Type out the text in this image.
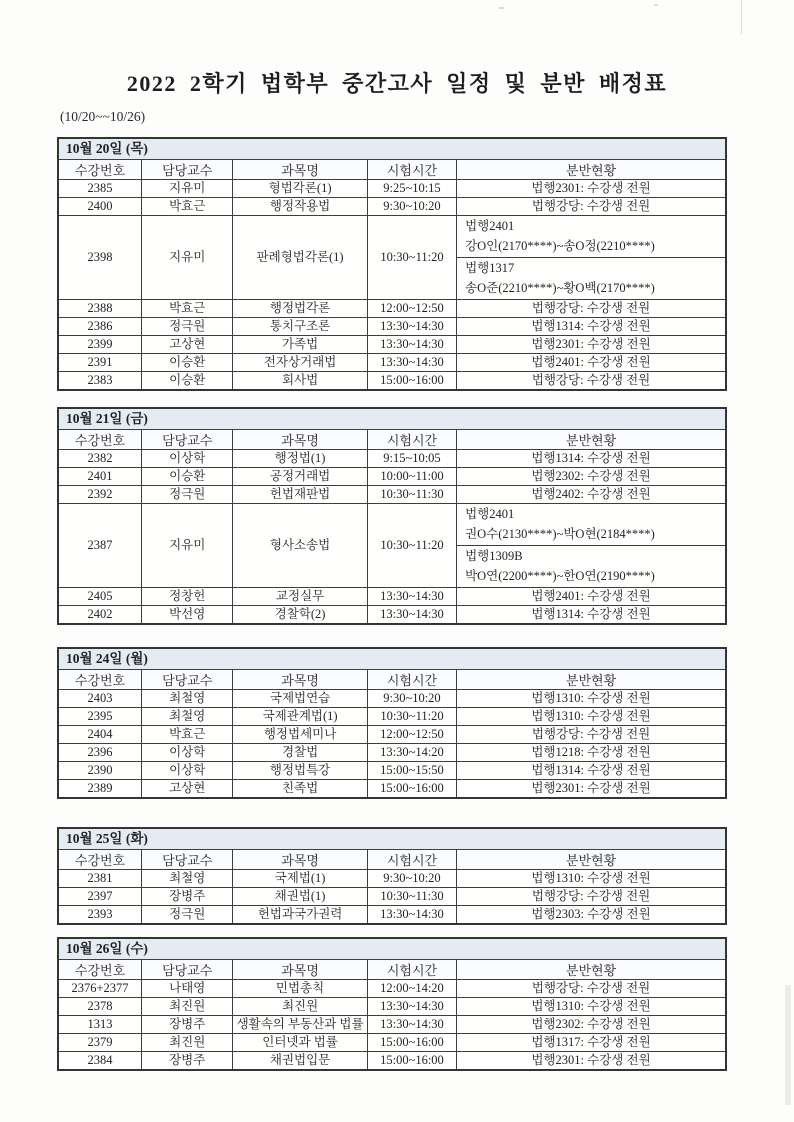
2022 2학기 법학부 중간고사 일정 및 분반 배정표
(10/20~~10/26)
10월 20일 (목)
수강번호	담당교수	과목명	시험시간	분반현황
2385	지유미	형법각론(1)	9:25~10:15	법행2301: 수강생 전원
2400	박효근	행정작용법	9:30~10:20	법행강당: 수강생 전원
2398	지유미	판례형법각론(1)	10:30~11:20	법행2401
강O인(2170****)~송O정(2210****)
법행1317
송O준(2210****)~황O백(2170****)

2388	박효근	행정법각론	12:00~12:50	법행강당: 수강생 전원
2386	정극원	통치구조론	13:30~14:30	법행1314: 수강생 전원
2399	고상현	가족법	13:30~14:30	법행2301: 수강생 전원
2391	이승환	전자상거래법	13:30~14:30	법행2401: 수강생 전원
2383	이승환	회사법	15:00~16:00	법행강당: 수강생 전원
10월 21일 (금)
수강번호	담당교수	과목명	시험시간	분반현황
2382	이상학	행정법(1)	9:15~10:05	법행1314: 수강생 전원
2401	이승환	공정거래법	10:00~11:00	법행2302: 수강생 전원
2392	정극원	헌법재판법	10:30~11:30	법행2402: 수강생 전원
2387	지유미	형사소송법	10:30~11:20	법행2401
권O수(2130****)~박O현(2184****)
법행1309B
박O연(2200****)~한O연(2190****)

2405	정창헌	교정실무	13:30~14:30	법행2401: 수강생 전원
2402	박선영	경찰학(2)	13:30~14:30	법행1314: 수강생 전원
10월 24일 (월)
수강번호	담당교수	과목명	시험시간	분반현황
2403	최철영	국제법연습	9:30~10:20	법행1310: 수강생 전원
2395	최철영	국제관계법(1)	10:30~11:20	법행1310: 수강생 전원
2404	박효근	행정법세미나	12:00~12:50	법행강당: 수강생 전원
2396	이상학	경찰법	13:30~14:20	법행1218: 수강생 전원
2390	이상학	행정법특강	15:00~15:50	법행1314: 수강생 전원
2389	고상현	친족법	15:00~16:00	법행2301: 수강생 전원
10월 25일 (화)
수강번호	담당교수	과목명	시험시간	분반현황
2381	최철영	국제법(1)	9:30~10:20	법행1310: 수강생 전원
2397	장병주	채권법(1)	10:30~11:30	법행강당: 수강생 전원
2393	정극원	헌법과국가권력	13:30~14:30	법행2303: 수강생 전원
10월 26일 (수)
수강번호	담당교수	과목명	시험시간	분반현황
2376+2377	나태영	민법총칙	12:00~14:20	법행강당: 수강생 전원
2378	최진원	최진원	13:30~14:30	법행1310: 수강생 전원
1313	장병주	생활속의 부동산과 법률	13:30~14:30	법행2302: 수강생 전원
2379	최진원	인터넷과 법률	15:00~16:00	법행1317: 수강생 전원
2384	장병주	채권법입문	15:00~16:00	법행2301: 수강생 전원
